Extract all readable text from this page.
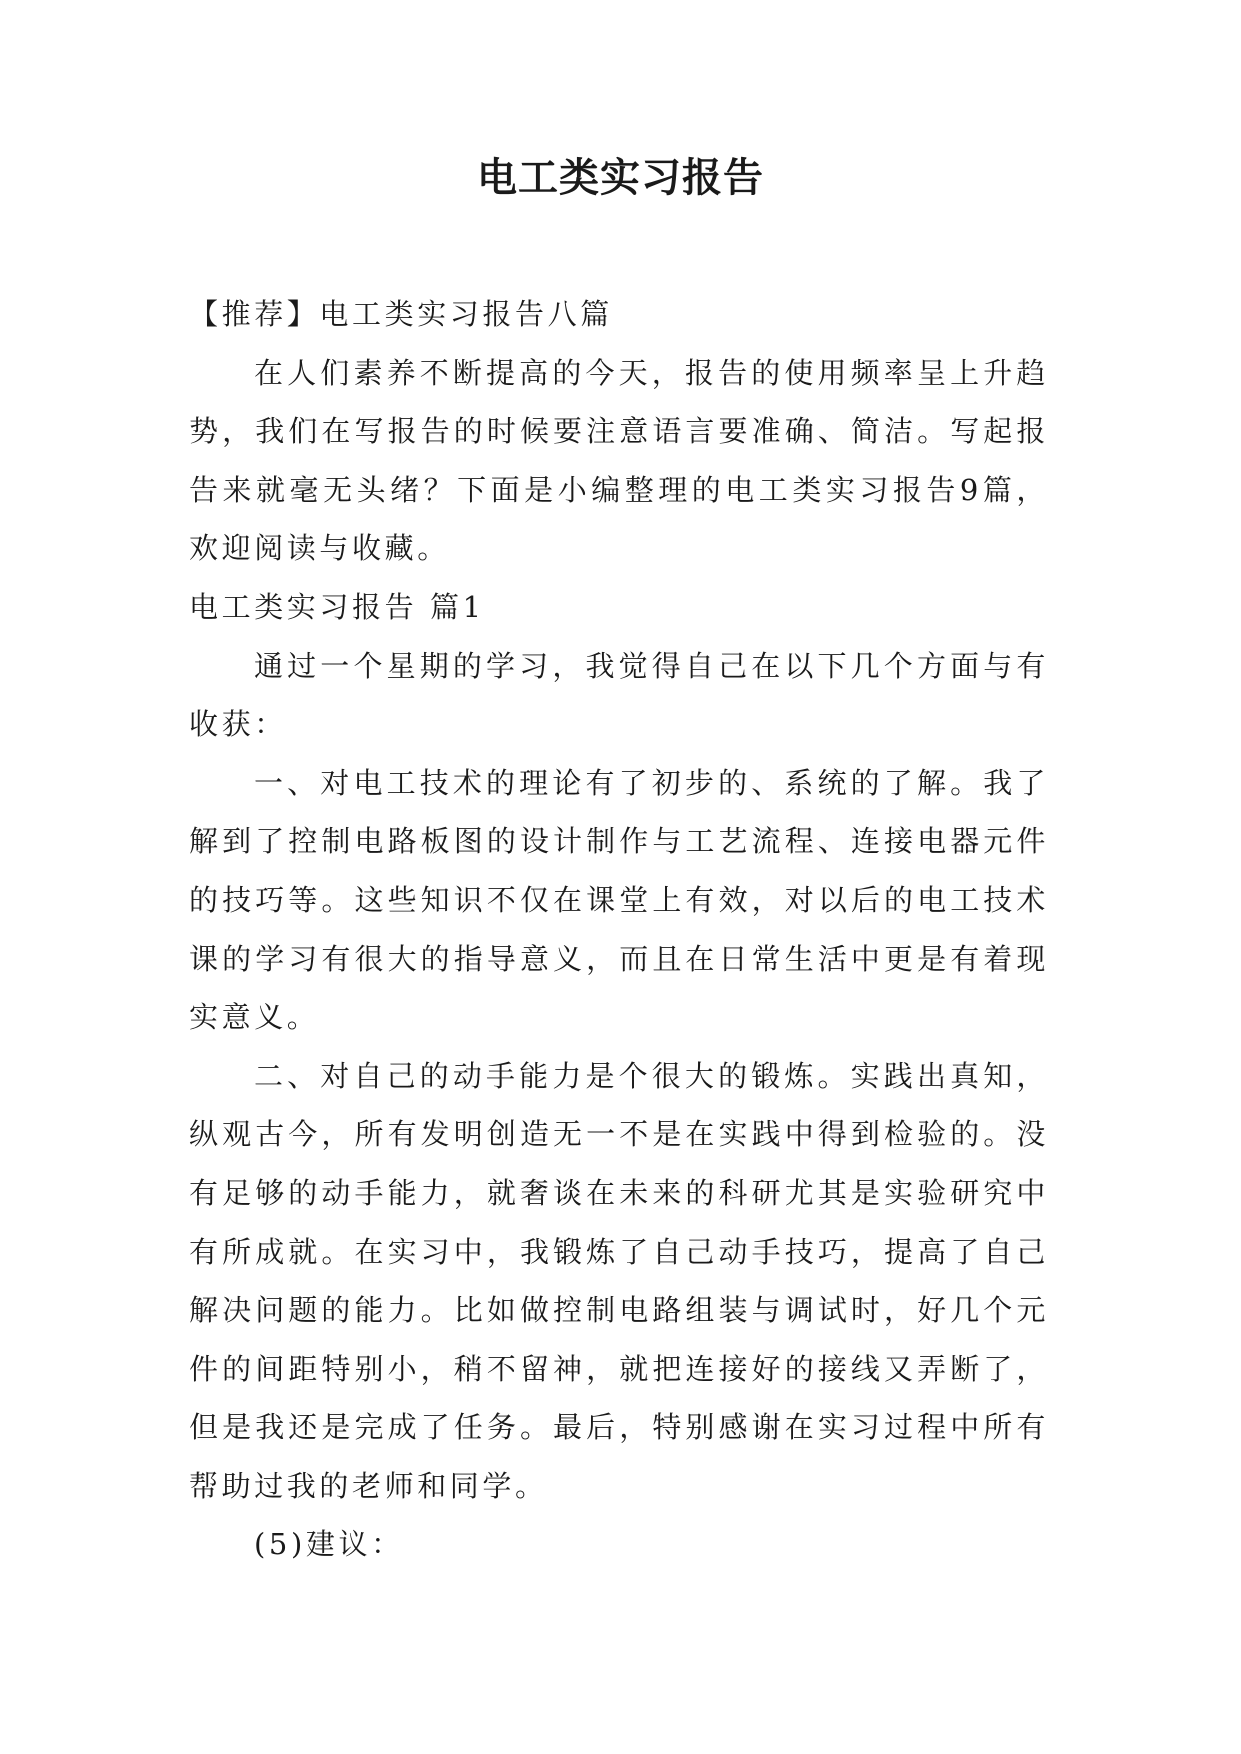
电工类实习报告

【推荐】电工类实习报告八篇

在人们素养不断提高的今天，报告的使用频率呈上升趋势，我们在写报告的时候要注意语言要准确、简洁。写起报告来就毫无头绪？下面是小编整理的电工类实习报告9篇，欢迎阅读与收藏。

电工类实习报告 篇1

通过一个星期的学习，我觉得自己在以下几个方面与有收获：

一、对电工技术的理论有了初步的、系统的了解。我了解到了控制电路板图的设计制作与工艺流程、连接电器元件的技巧等。这些知识不仅在课堂上有效，对以后的电工技术课的学习有很大的指导意义，而且在日常生活中更是有着现实意义。

二、对自己的动手能力是个很大的锻炼。实践出真知，纵观古今，所有发明创造无一不是在实践中得到检验的。没有足够的动手能力，就奢谈在未来的科研尤其是实验研究中有所成就。在实习中，我锻炼了自己动手技巧，提高了自己解决问题的能力。比如做控制电路组装与调试时，好几个元件的间距特别小，稍不留神，就把连接好的接线又弄断了，但是我还是完成了任务。最后，特别感谢在实习过程中所有帮助过我的老师和同学。

(5)建议：
